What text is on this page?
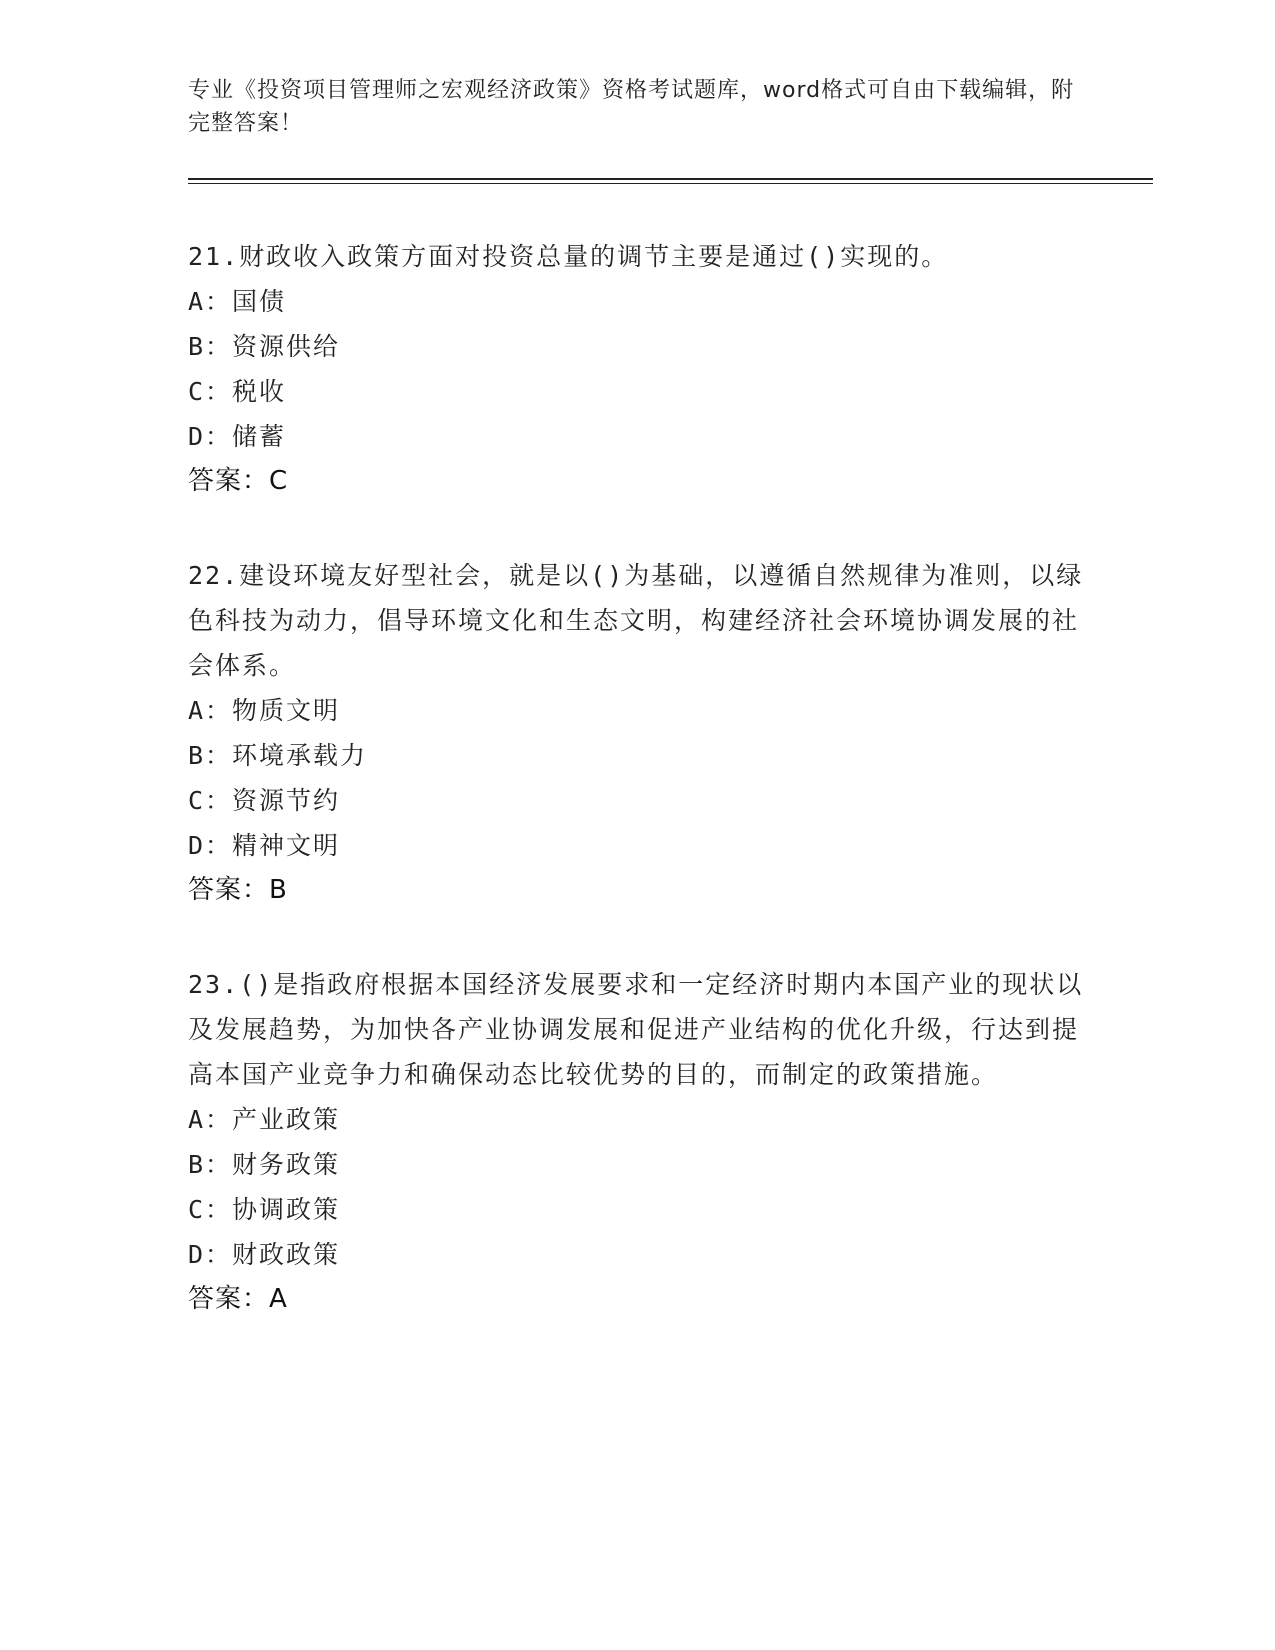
专业《投资项目管理师之宏观经济政策》资格考试题库，word格式可自由下载编辑，附完整答案！

21.财政收入政策方面对投资总量的调节主要是通过()实现的。

A：国债

B：资源供给

C：税收

D：储蓄

答案：C

22.建设环境友好型社会，就是以()为基础，以遵循自然规律为准则，以绿色科技为动力，倡导环境文化和生态文明，构建经济社会环境协调发展的社会体系。

A：物质文明

B：环境承载力

C：资源节约

D：精神文明

答案：B

23.()是指政府根据本国经济发展要求和一定经济时期内本国产业的现状以及发展趋势，为加快各产业协调发展和促进产业结构的优化升级，行达到提高本国产业竞争力和确保动态比较优势的目的，而制定的政策措施。

A：产业政策

B：财务政策

C：协调政策

D：财政政策

答案：A
